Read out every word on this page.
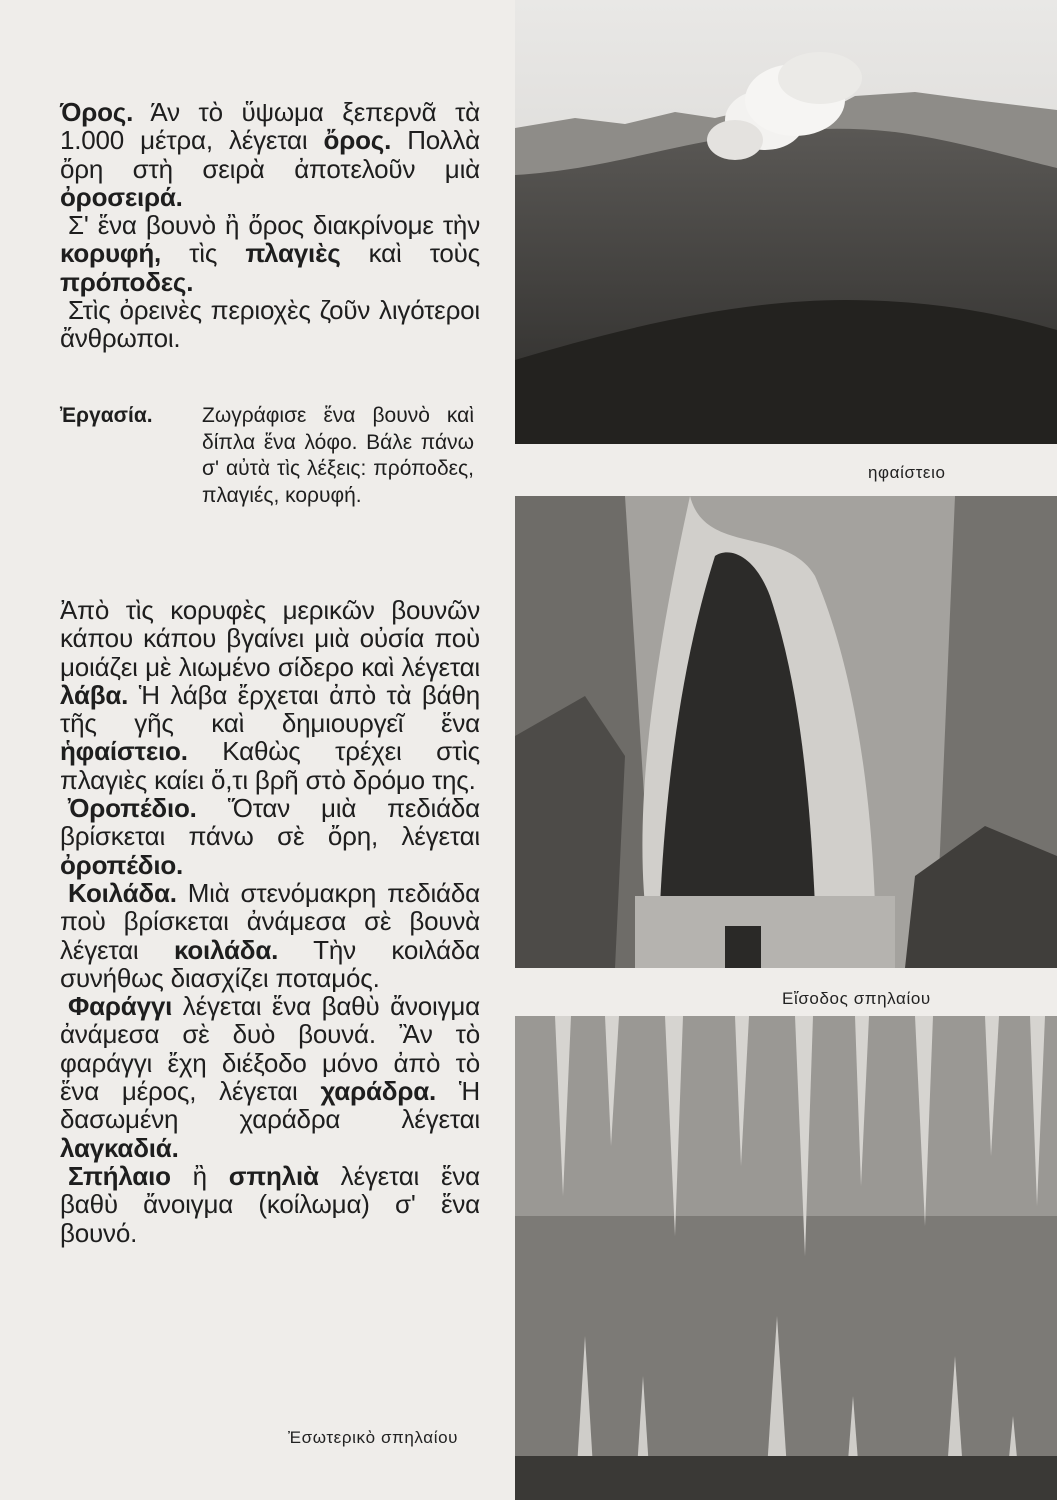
Όρος. Άν τὸ ὕψωμα ξεπερνᾶ τὰ 1.000 μέτρα, λέγεται ὄρος. Πολλὰ ὄρη στὴ σειρὰ ἀποτελοῦν μιὰ ὀροσειρά.

Σ' ἕνα βουνὸ ἢ ὄρος διακρίνομε τὴν κορυφή, τὶς πλαγιὲς καὶ τοὺς πρόποδες.

Στὶς ὀρεινὲς περιοχὲς ζοῦν λιγότεροι ἄνθρωποι.

Ἐργασία. Ζωγράφισε ἕνα βουνὸ καὶ δίπλα ἕνα λόφο. Βάλε πάνω σ' αὐτὰ τὶς λέξεις: πρόποδες, πλαγιές, κορυφή.

Ἀπὸ τὶς κορυφὲς μερικῶν βουνῶν κάπου κάπου βγαίνει μιὰ οὐσία ποὺ μοιάζει μὲ λιωμένο σίδερο καὶ λέγεται λάβα. Ἡ λάβα ἔρχεται ἀπὸ τὰ βάθη τῆς γῆς καὶ δημιουργεῖ ἕνα ἡφαίστειο. Καθὼς τρέχει στὶς πλαγιὲς καίει ὅ,τι βρῆ στὸ δρόμο της.

Ὀροπέδιο. Ὅταν μιὰ πεδιάδα βρίσκεται πάνω σὲ ὄρη, λέγεται ὀροπέδιο.

Κοιλάδα. Μιὰ στενόμακρη πεδιάδα ποὺ βρίσκεται ἀνάμεσα σὲ βουνὰ λέγεται κοιλάδα. Τὴν κοιλάδα συνήθως διασχίζει ποταμός.

Φαράγγι λέγεται ἕνα βαθὺ ἄνοιγμα ἀνάμεσα σὲ δυὸ βουνά. Ἂν τὸ φαράγγι ἔχη διέξοδο μόνο ἀπὸ τὸ ἕνα μέρος, λέγεται χαράδρα. Ἡ δασωμένη χαράδρα λέγεται λαγκαδιά.

Σπήλαιο ἢ σπηλιὰ λέγεται ἕνα βαθὺ ἄνοιγμα (κοίλωμα) σ' ἕνα βουνό.

ηφαίστειο
Εἴσοδος σπηλαίου
Ἐσωτερικὸ σπηλαίου
